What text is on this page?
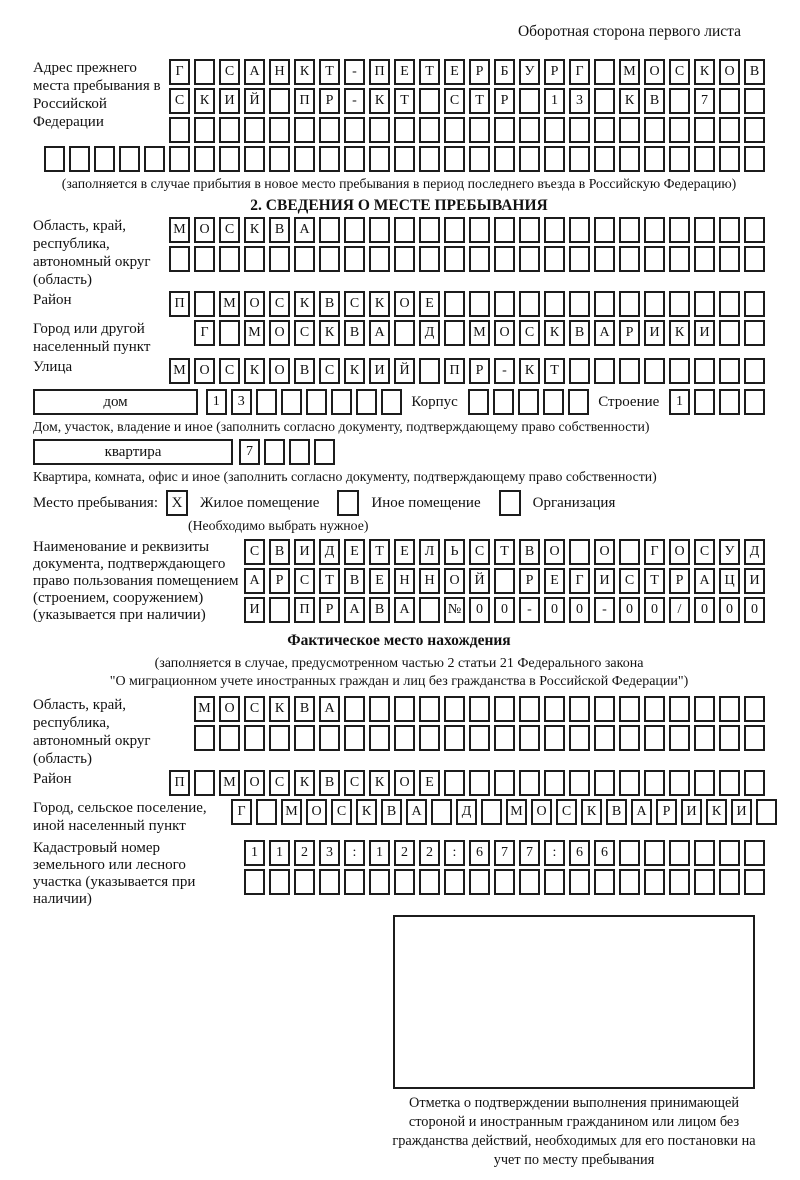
Оборотная сторона первого листа
Адрес прежнего места пребывания в Российской Федерации
Г	С	А	Н	К	Т	-	П	Е	Т	Е	Р	Б	У	Р	Г	М О	С	К	О	В
С	К	И	Й	П	Р	-	К	Т	С	Т	Р	1	3	К	В	7
(заполняется в случае прибытия в новое место пребывания в период последнего въезда в Российскую Федерацию)
2. СВЕДЕНИЯ О МЕСТЕ ПРЕБЫВАНИЯ
Область, край, республика, автономный округ (область)
М О	С	К	В	А
Район	П	М О	С	К	В	С	К	О	Е
Город или другой населенный пункт
Г	М О	С	К	В	А	Д	М О	С	К	В	А	Р	И	К	И
Улица	М О	С	К	О	В	С	К	И	Й	П	Р	-	К	Т
дом	1	3	Корпус	Строение	1
Дом, участок, владение и иное (заполнить согласно документу, подтверждающему право собственности)
квартира	7
Квартира, комната, офис и иное (заполнить согласно документу, подтверждающему право собственности)
Место пребывания: X	Жилое помещение	Иное помещение	Организация
(Необходимо выбрать нужное)
Наименование и реквизиты документа, подтверждающего право пользования помещением (строением, сооружением) (указывается при наличии)
С	В	И	Д	Е	Т	Е	Л	Ь	С	Т	В	О	О	Г	О	С	У	Д
А	Р	С	Т	В	Е	Н	Н	О	Й	Р	Е	Г	И	С	Т	Р	А	Ц	И
И	П	Р	А	В	А	№	0	0	-	0	0	-	0	0	/	0	0	0
Фактическое место нахождения
(заполняется в случае, предусмотренном частью 2 статьи 21 Федерального закона
"О миграционном учете иностранных граждан и лиц без гражданства в Российской Федерации")
Область, край, республика, автономный округ (область)
М О	С	К	В	А
Район	П	М О	С	К	В	С	К	О	Е
Город, сельское поселение, иной населенный пункт
Г	М О	С	К	В	А	Д	М О	С	К	В	А	Р	И	К	И
Кадастровый номер земельного или лесного участка (указывается при наличии)
1	1	2	3	:	1	2	2	:	6	7	7	:	6	6
Отметка о подтверждении выполнения принимающей стороной и иностранным гражданином или лицом без гражданства действий, необходимых для его постановки на учет по месту пребывания
